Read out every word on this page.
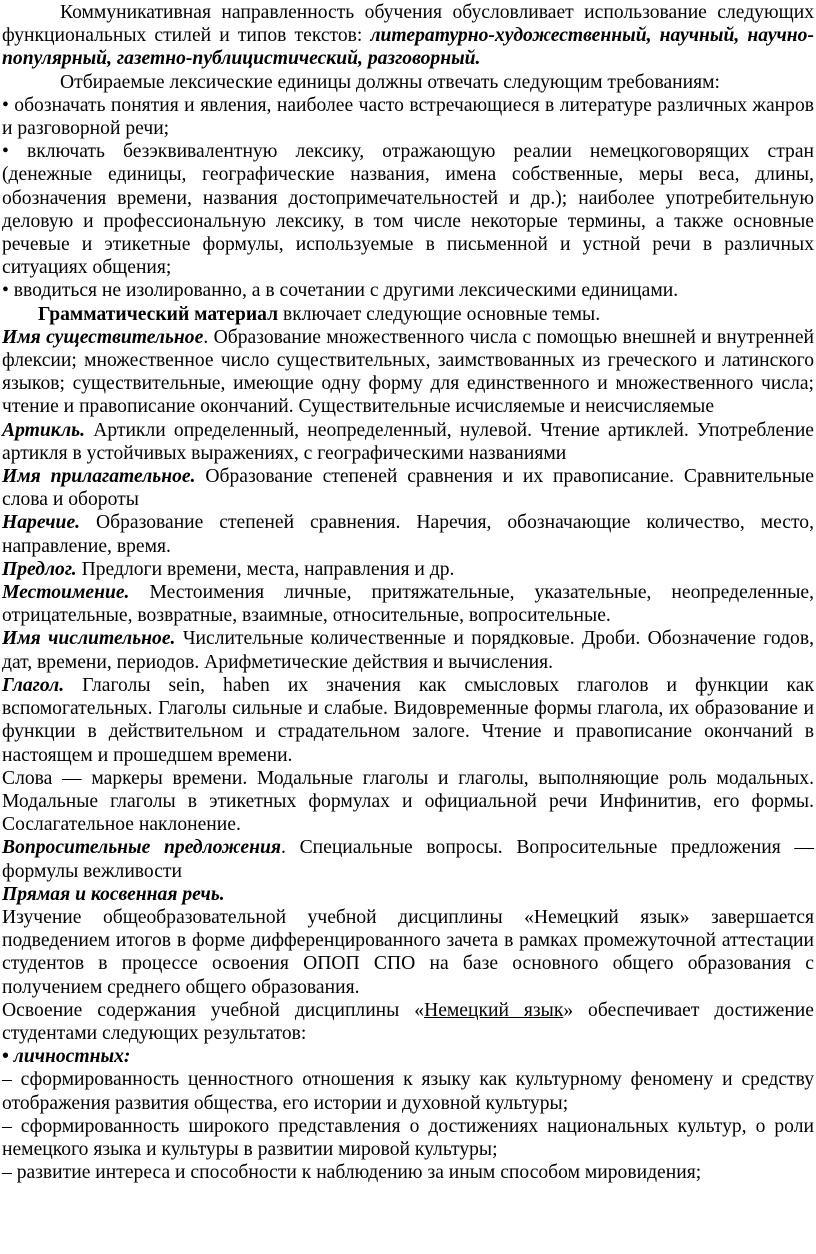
Коммуникативная направленность обучения обусловливает использование следующих функциональных стилей и типов текстов: литературно-художественный, научный, научно-популярный, газетно-публицистический, разговорный.

Отбираемые лексические единицы должны отвечать следующим требованиям:

• обозначать понятия и явления, наиболее часто встречающиеся в литературе различных жанров и разговорной речи;

• включать безэквивалентную лексику, отражающую реалии немецкоговорящих стран (денежные единицы, географические названия, имена собственные, меры веса, длины, обозначения времени, названия достопримечательностей и др.); наиболее употребительную деловую и профессиональную лексику, в том числе некоторые термины, а также основные речевые и этикетные формулы, используемые в письменной и устной речи в различных ситуациях общения;

• вводиться не изолированно, а в сочетании с другими лексическими единицами.

Грамматический материал включает следующие основные темы.

Имя существительное. Образование множественного числа с помощью внешней и внутренней флексии; множественное число существительных, заимствованных из греческого и латинского языков; существительные, имеющие одну форму для единственного и множественного числа; чтение и правописание окончаний. Существительные исчисляемые и неисчисляемые

Артикль. Артикли определенный, неопределенный, нулевой. Чтение артиклей. Употребление артикля в устойчивых выражениях, с географическими названиями

Имя прилагательное. Образование степеней сравнения и их правописание. Сравнительные слова и обороты

Наречие. Образование степеней сравнения. Наречия, обозначающие количество, место, направление, время.

Предлог. Предлоги времени, места, направления и др.

Местоимение. Местоимения личные, притяжательные, указательные, неопределенные, отрицательные, возвратные, взаимные, относительные, вопросительные.

Имя числительное. Числительные количественные и порядковые. Дроби. Обозначение годов, дат, времени, периодов. Арифметические действия и вычисления.

Глагол. Глаголы sein, haben их значения как смысловых глаголов и функции как вспомогательных. Глаголы сильные и слабые. Видовременные формы глагола, их образование и функции в действительном и страдательном залоге. Чтение и правописание окончаний в настоящем и прошедшем времени.

Слова — маркеры времени. Модальные глаголы и глаголы, выполняющие роль модальных. Модальные глаголы в этикетных формулах и официальной речи Инфинитив, его формы. Сослагательное наклонение.

Вопросительные предложения. Специальные вопросы. Вопросительные предложения — формулы вежливости

Прямая и косвенная речь.

Изучение общеобразовательной учебной дисциплины «Немецкий язык» завершается подведением итогов в форме дифференцированного зачета в рамках промежуточной аттестации студентов в процессе освоения ОПОП СПО на базе основного общего образования с получением среднего общего образования.

Освоение содержания учебной дисциплины «Немецкий язык» обеспечивает достижение студентами следующих результатов:

• личностных:

– сформированность ценностного отношения к языку как культурному феномену и средству отображения развития общества, его истории и духовной культуры;

– сформированность широкого представления о достижениях национальных культур, о роли немецкого языка и культуры в развитии мировой культуры;

– развитие интереса и способности к наблюдению за иным способом мировидения;
